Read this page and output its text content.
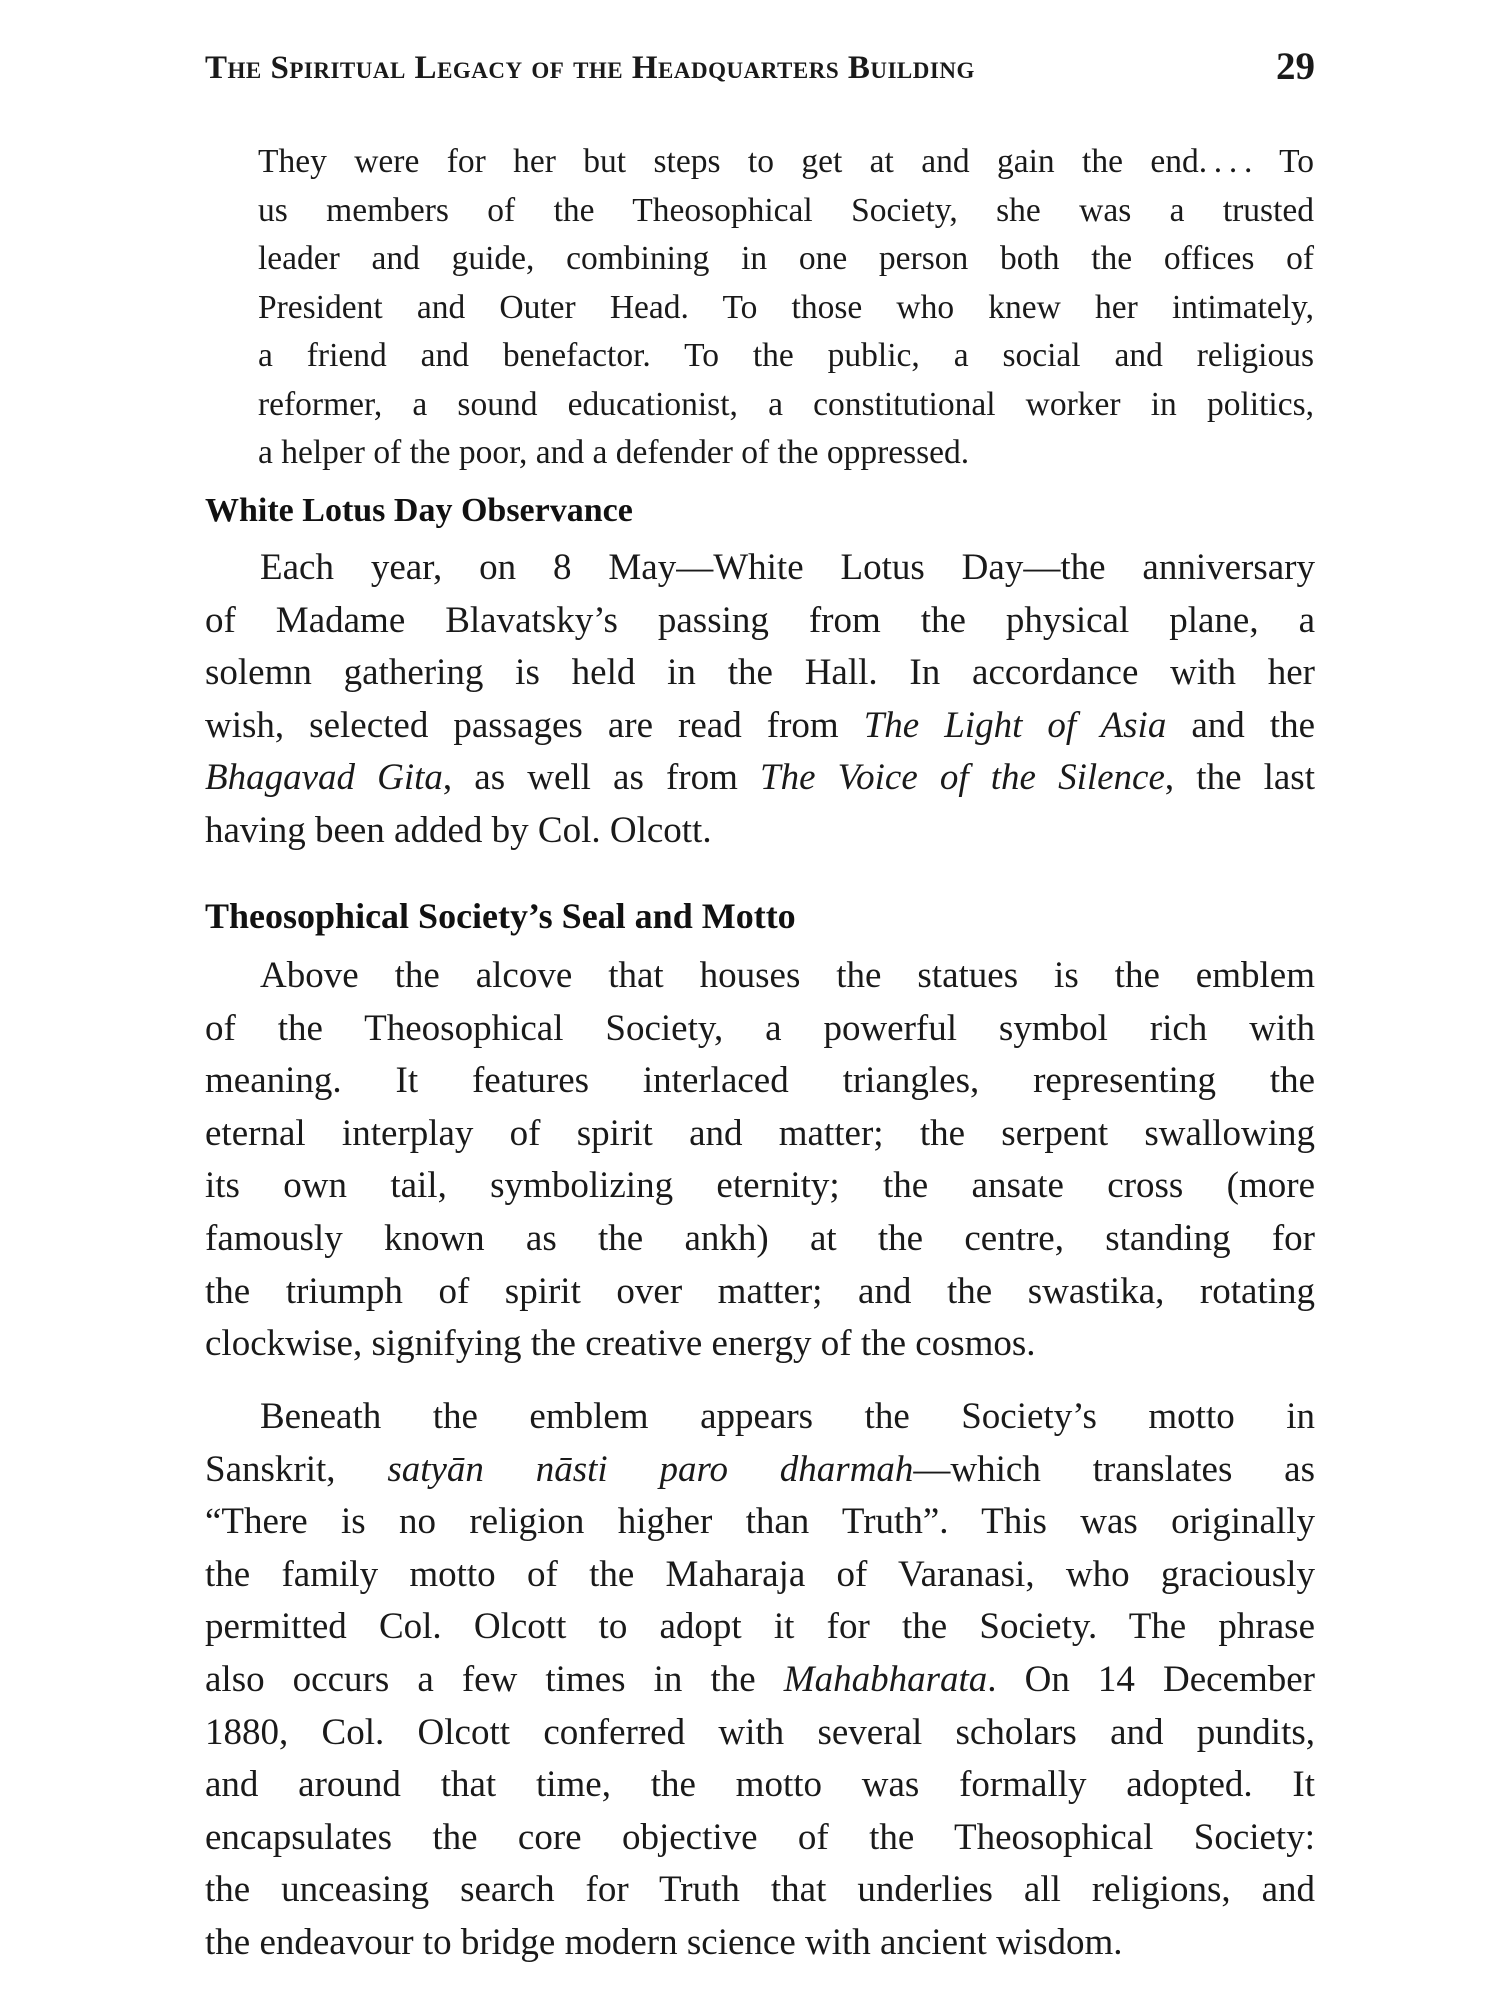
The Spiritual Legacy of the Headquarters Building	29

They were for her but steps to get at and gain the end. . . . To
us members of the Theosophical Society, she was a trusted
leader and guide, combining in one person both the offices of
President and Outer Head. To those who knew her intimately,
a friend and benefactor. To the public, a social and religious
reformer, a sound educationist, a constitutional worker in politics,
a helper of the poor, and a defender of the oppressed.

White Lotus Day Observance

Each year, on 8 May—White Lotus Day—the anniversary
of Madame Blavatsky’s passing from the physical plane, a
solemn gathering is held in the Hall. In accordance with her
wish, selected passages are read from The Light of Asia and the
Bhagavad Gita, as well as from The Voice of the Silence, the last
having been added by Col. Olcott.

Theosophical Society’s Seal and Motto

Above the alcove that houses the statues is the emblem
of the Theosophical Society, a powerful symbol rich with
meaning. It features interlaced triangles, representing the
eternal interplay of spirit and matter; the serpent swallowing
its own tail, symbolizing eternity; the ansate cross (more
famously known as the ankh) at the centre, standing for
the triumph of spirit over matter; and the swastika, rotating
clockwise, signifying the creative energy of the cosmos.

Beneath the emblem appears the Society’s motto in
Sanskrit, satyān nāsti paro dharmah—which translates as
“There is no religion higher than Truth”. This was originally
the family motto of the Maharaja of Varanasi, who graciously
permitted Col. Olcott to adopt it for the Society. The phrase
also occurs a few times in the Mahabharata. On 14 December
1880, Col. Olcott conferred with several scholars and pundits,
and around that time, the motto was formally adopted. It
encapsulates the core objective of the Theosophical Society:
the unceasing search for Truth that underlies all religions, and
the endeavour to bridge modern science with ancient wisdom.
